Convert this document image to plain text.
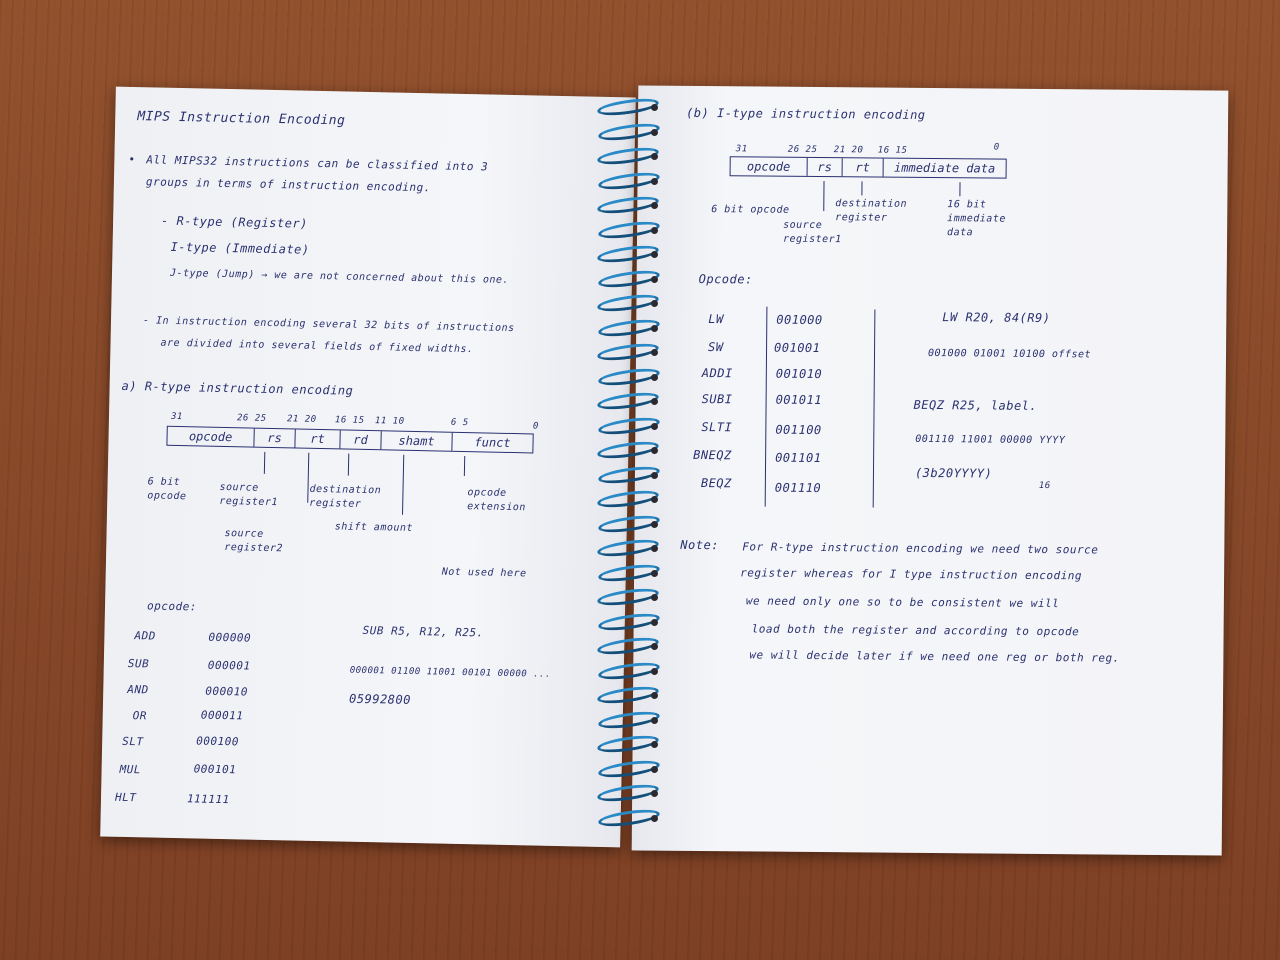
MIPS Instruction Encoding
• All MIPS32 instructions can be classified into 3
groups in terms of instruction encoding.
- R-type (Register)
I-type (Immediate)
J-type (Jump) → we are not concerned about this one.
- In instruction encoding several 32 bits of instructions
are divided into several fields of fixed widths.
a) R-type instruction encoding
31	26 25 21 20 16 15 11 10	6 5	0
opcode	rs	rt	rd	shamt	funct
6 bit opcode
source register1
destination register
source register2
shift amount
opcode extension
Not used here
opcode:
ADD	000000
SUB	000001
AND	000010
OR	000011
SLT	000100
MUL	000101
HLT	111111
SUB R5, R12, R25.
000001 01100 11001 00101 00000 ...
05992800
(b) I-type instruction encoding
31	26 25 21 20 16 15	0
opcode	rs	rt	immediate data
6 bit opcode
source register1
destination register
16 bit immediate data
Opcode:
LW	001000
SW	001001
ADDI	001010
SUBI	001011
SLTI	001100
BNEQZ	001101
BEQZ	001110
LW R20, 84(R9)
001000 01001 10100 offset
BEQZ R25, label.
001110 11001 00000 YYYY
(3b20YYYY)
16
Note: For R-type instruction encoding we need two source
register whereas for I type instruction encoding
we need only one so to be consistent we will
load both the register and according to opcode
we will decide later if we need one reg or both reg.
